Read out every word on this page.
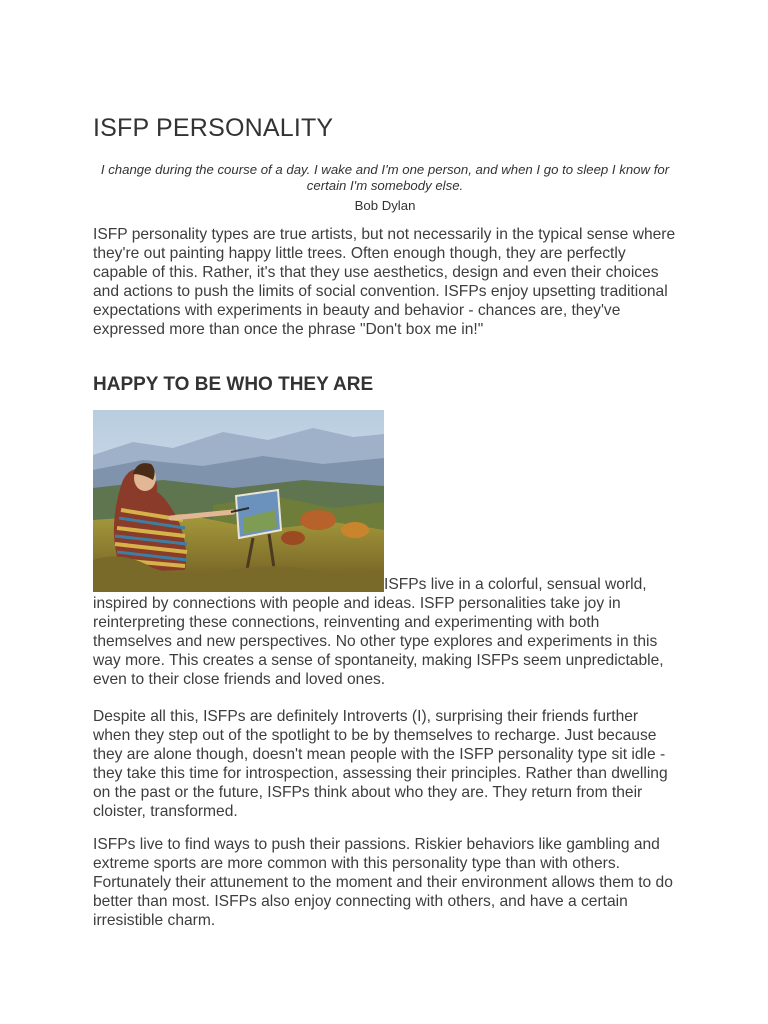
ISFP PERSONALITY

I change during the course of a day. I wake and I'm one person, and when I go to sleep I know for certain I'm somebody else.

Bob Dylan

ISFP personality types are true artists, but not necessarily in the typical sense where they're out painting happy little trees. Often enough though, they are perfectly capable of this. Rather, it's that they use aesthetics, design and even their choices and actions to push the limits of social convention. ISFPs enjoy upsetting traditional expectations with experiments in beauty and behavior - chances are, they've expressed more than once the phrase "Don't box me in!"

HAPPY TO BE WHO THEY ARE

ISFPs live in a colorful, sensual world, inspired by connections with people and ideas. ISFP personalities take joy in reinterpreting these connections, reinventing and experimenting with both themselves and new perspectives. No other type explores and experiments in this way more. This creates a sense of spontaneity, making ISFPs seem unpredictable, even to their close friends and loved ones.

Despite all this, ISFPs are definitely Introverts (I), surprising their friends further when they step out of the spotlight to be by themselves to recharge. Just because they are alone though, doesn't mean people with the ISFP personality type sit idle - they take this time for introspection, assessing their principles. Rather than dwelling on the past or the future, ISFPs think about who they are. They return from their cloister, transformed.

ISFPs live to find ways to push their passions. Riskier behaviors like gambling and extreme sports are more common with this personality type than with others. Fortunately their attunement to the moment and their environment allows them to do better than most. ISFPs also enjoy connecting with others, and have a certain irresistible charm.
